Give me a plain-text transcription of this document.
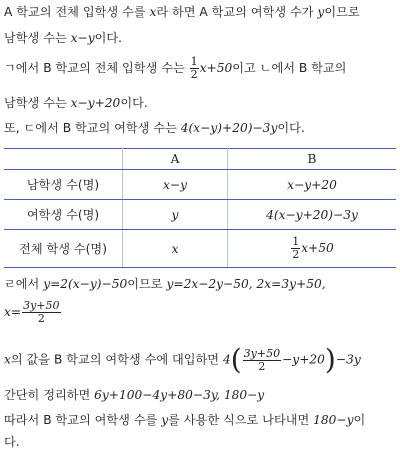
A 학교의 전체 입학생 수를 x라 하면 A 학교의 여학생 수가 y이므로
남학생 수는 x−y이다.
ㄱ에서 B 학교의 전체 입학생 수는 $\frac{1}{2} x+50$이고 ㄴ에서 B 학교의
남학생 수는 x−y+20이다.
또, ㄷ에서 B 학교의 여학생 수는 4(x−y)+20)−3y이다.
	A	B
남학생 수(명)	x−y	x−y+20
여학생 수(명)	y	4(x−y+20)−3y
전체 학생 수(명)	x	$\frac{1}{2} x+50$
ㄹ에서 y=2(x−y)−50이므로 y=2x−2y−50, 2x=3y+50,
$x= \frac{3y+50}{2}$
x의 값을 B 학교의 여학생 수에 대입하면 $4( \frac{3y+50}{2} -y+20)-3y$
간단히 정리하면 6y+100−4y+80−3y, 180−y
따라서 B 학교의 여학생 수를 y를 사용한 식으로 나타내면 180−y이
다.
